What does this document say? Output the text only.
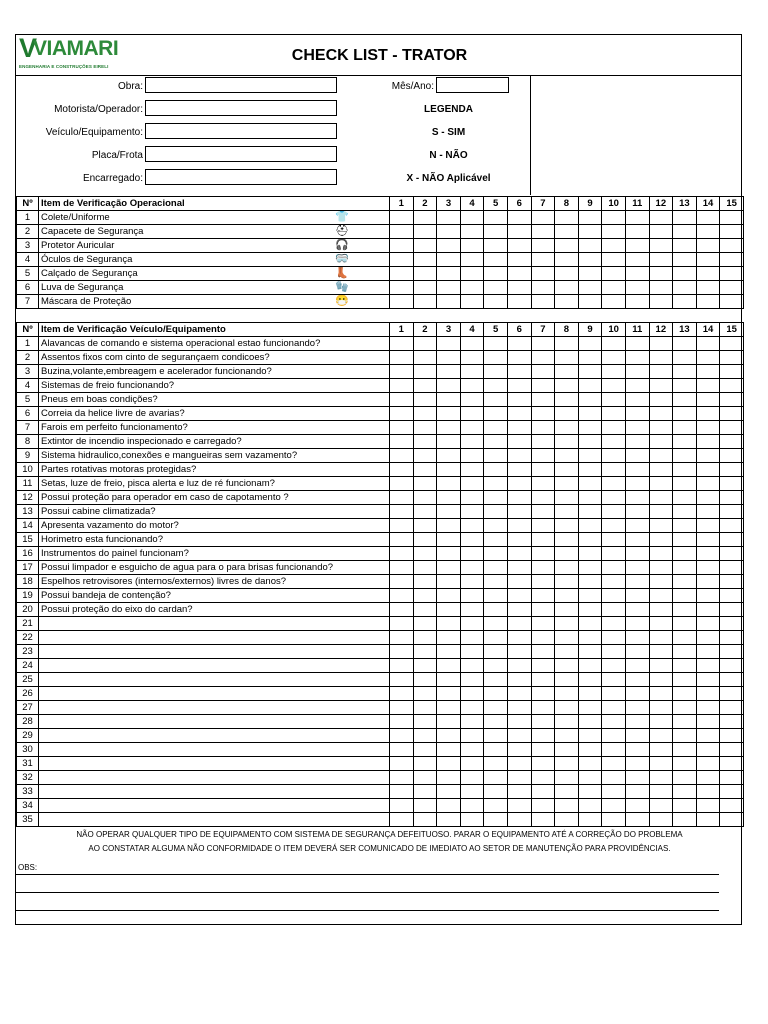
V
VIAMARI
ENGENHARIA E CONSTRUÇÕES EIRELI
CHECK LIST - TRATOR
Obra:
Motorista/Operador:
Veículo/Equipamento:
Placa/Frota
Encarregado:
Mês/Ano:
LEGENDA
S - SIM
N - NÃO
X - NÃO Aplicável
Nº	Item de Verificação Operacional	1	2	3	4	5	6	7	8	9	10	11	12	13	14	15
1	Colete/Uniforme 👕															

2	Capacete de Segurança ⛑															

3	Protetor Auricular 🎧															

4	Óculos de Segurança 🥽															

5	Calçado de Segurança 👢															

6	Luva de Segurança 🧤															

7	Máscara de Proteção 😷															

Nº	Item de Verificação Veículo/Equipamento	1	2	3	4	5	6	7	8	9	10	11	12	13	14	15
1	Alavancas de comando e sistema operacional estao funcionando?															
2	Assentos fixos com cinto de segurançaem condicoes?															
3	Buzina,volante,embreagem e acelerador funcionando?															
4	Sistemas de freio funcionando?															
5	Pneus em boas condições?															
6	Correia da helice livre de avarias?															
7	Farois em perfeito funcionamento?															
8	Extintor de incendio inspecionado e carregado?															
9	Sistema hidraulico,conexões e mangueiras sem vazamento?															
10	Partes rotativas motoras protegidas?															
11	Setas, luze de freio, pisca alerta e luz de ré funcionam?															
12	Possui proteção para operador em caso de capotamento ?															
13	Possui cabine climatizada?															
14	Apresenta vazamento do motor?															
15	Horimetro esta funcionando?															
16	Instrumentos do painel funcionam?															
17	Possui limpador e esguicho de agua para o para brisas funcionando?															
18	Espelhos retrovisores (internos/externos) livres de danos?															
19	Possui bandeja de contenção?															
20	Possui proteção do eixo do cardan?															
21																
22																
23																
24																
25																
26																
27																
28																
29																
30																
31																
32																
33																
34																
35																
NÃO OPERAR QUALQUER TIPO DE EQUIPAMENTO COM SISTEMA DE SEGURANÇA DEFEITUOSO. PARAR O EQUIPAMENTO ATÉ A CORREÇÃO DO PROBLEMA
AO CONSTATAR ALGUMA NÃO CONFORMIDADE O ITEM DEVERÁ SER COMUNICADO DE IMEDIATO AO SETOR DE MANUTENÇÃO PARA PROVIDÊNCIAS.
OBS:
